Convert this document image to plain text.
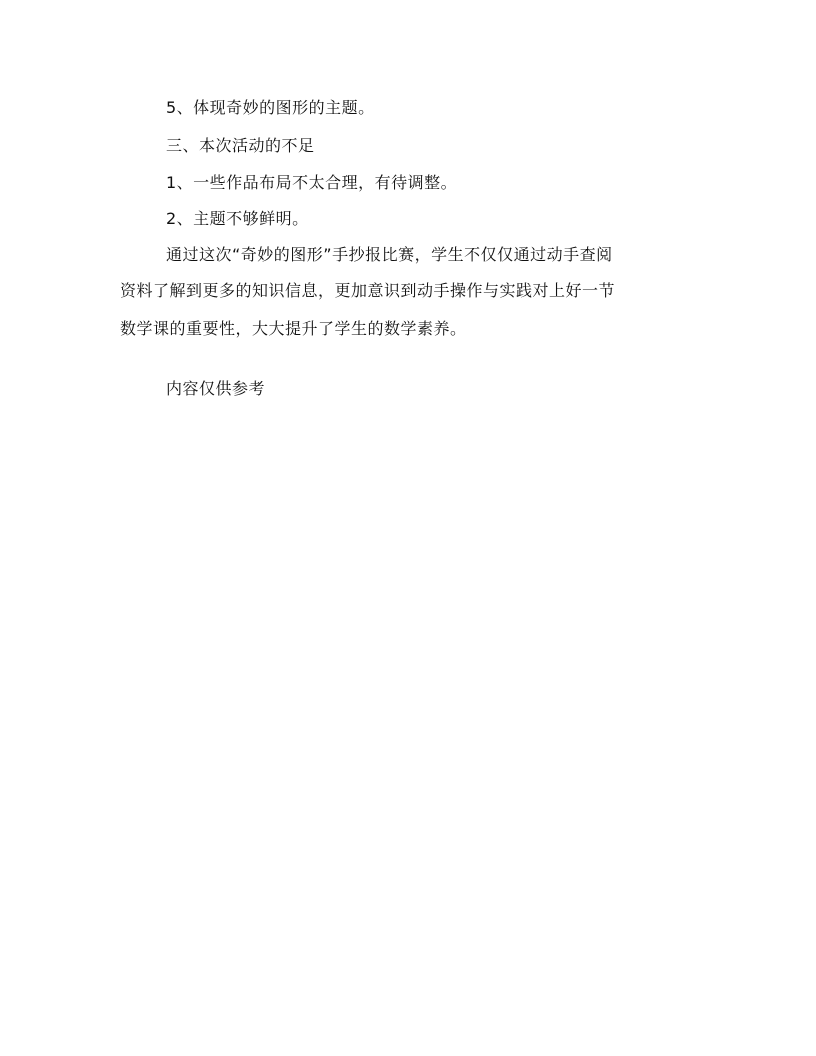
5、体现奇妙的图形的主题。
三、本次活动的不足
1、一些作品布局不太合理，有待调整。
2、主题不够鲜明。
通过这次“奇妙的图形”手抄报比赛，学生不仅仅通过动手查阅
资料了解到更多的知识信息，更加意识到动手操作与实践对上好一节
数学课的重要性，大大提升了学生的数学素养。
内容仅供参考
